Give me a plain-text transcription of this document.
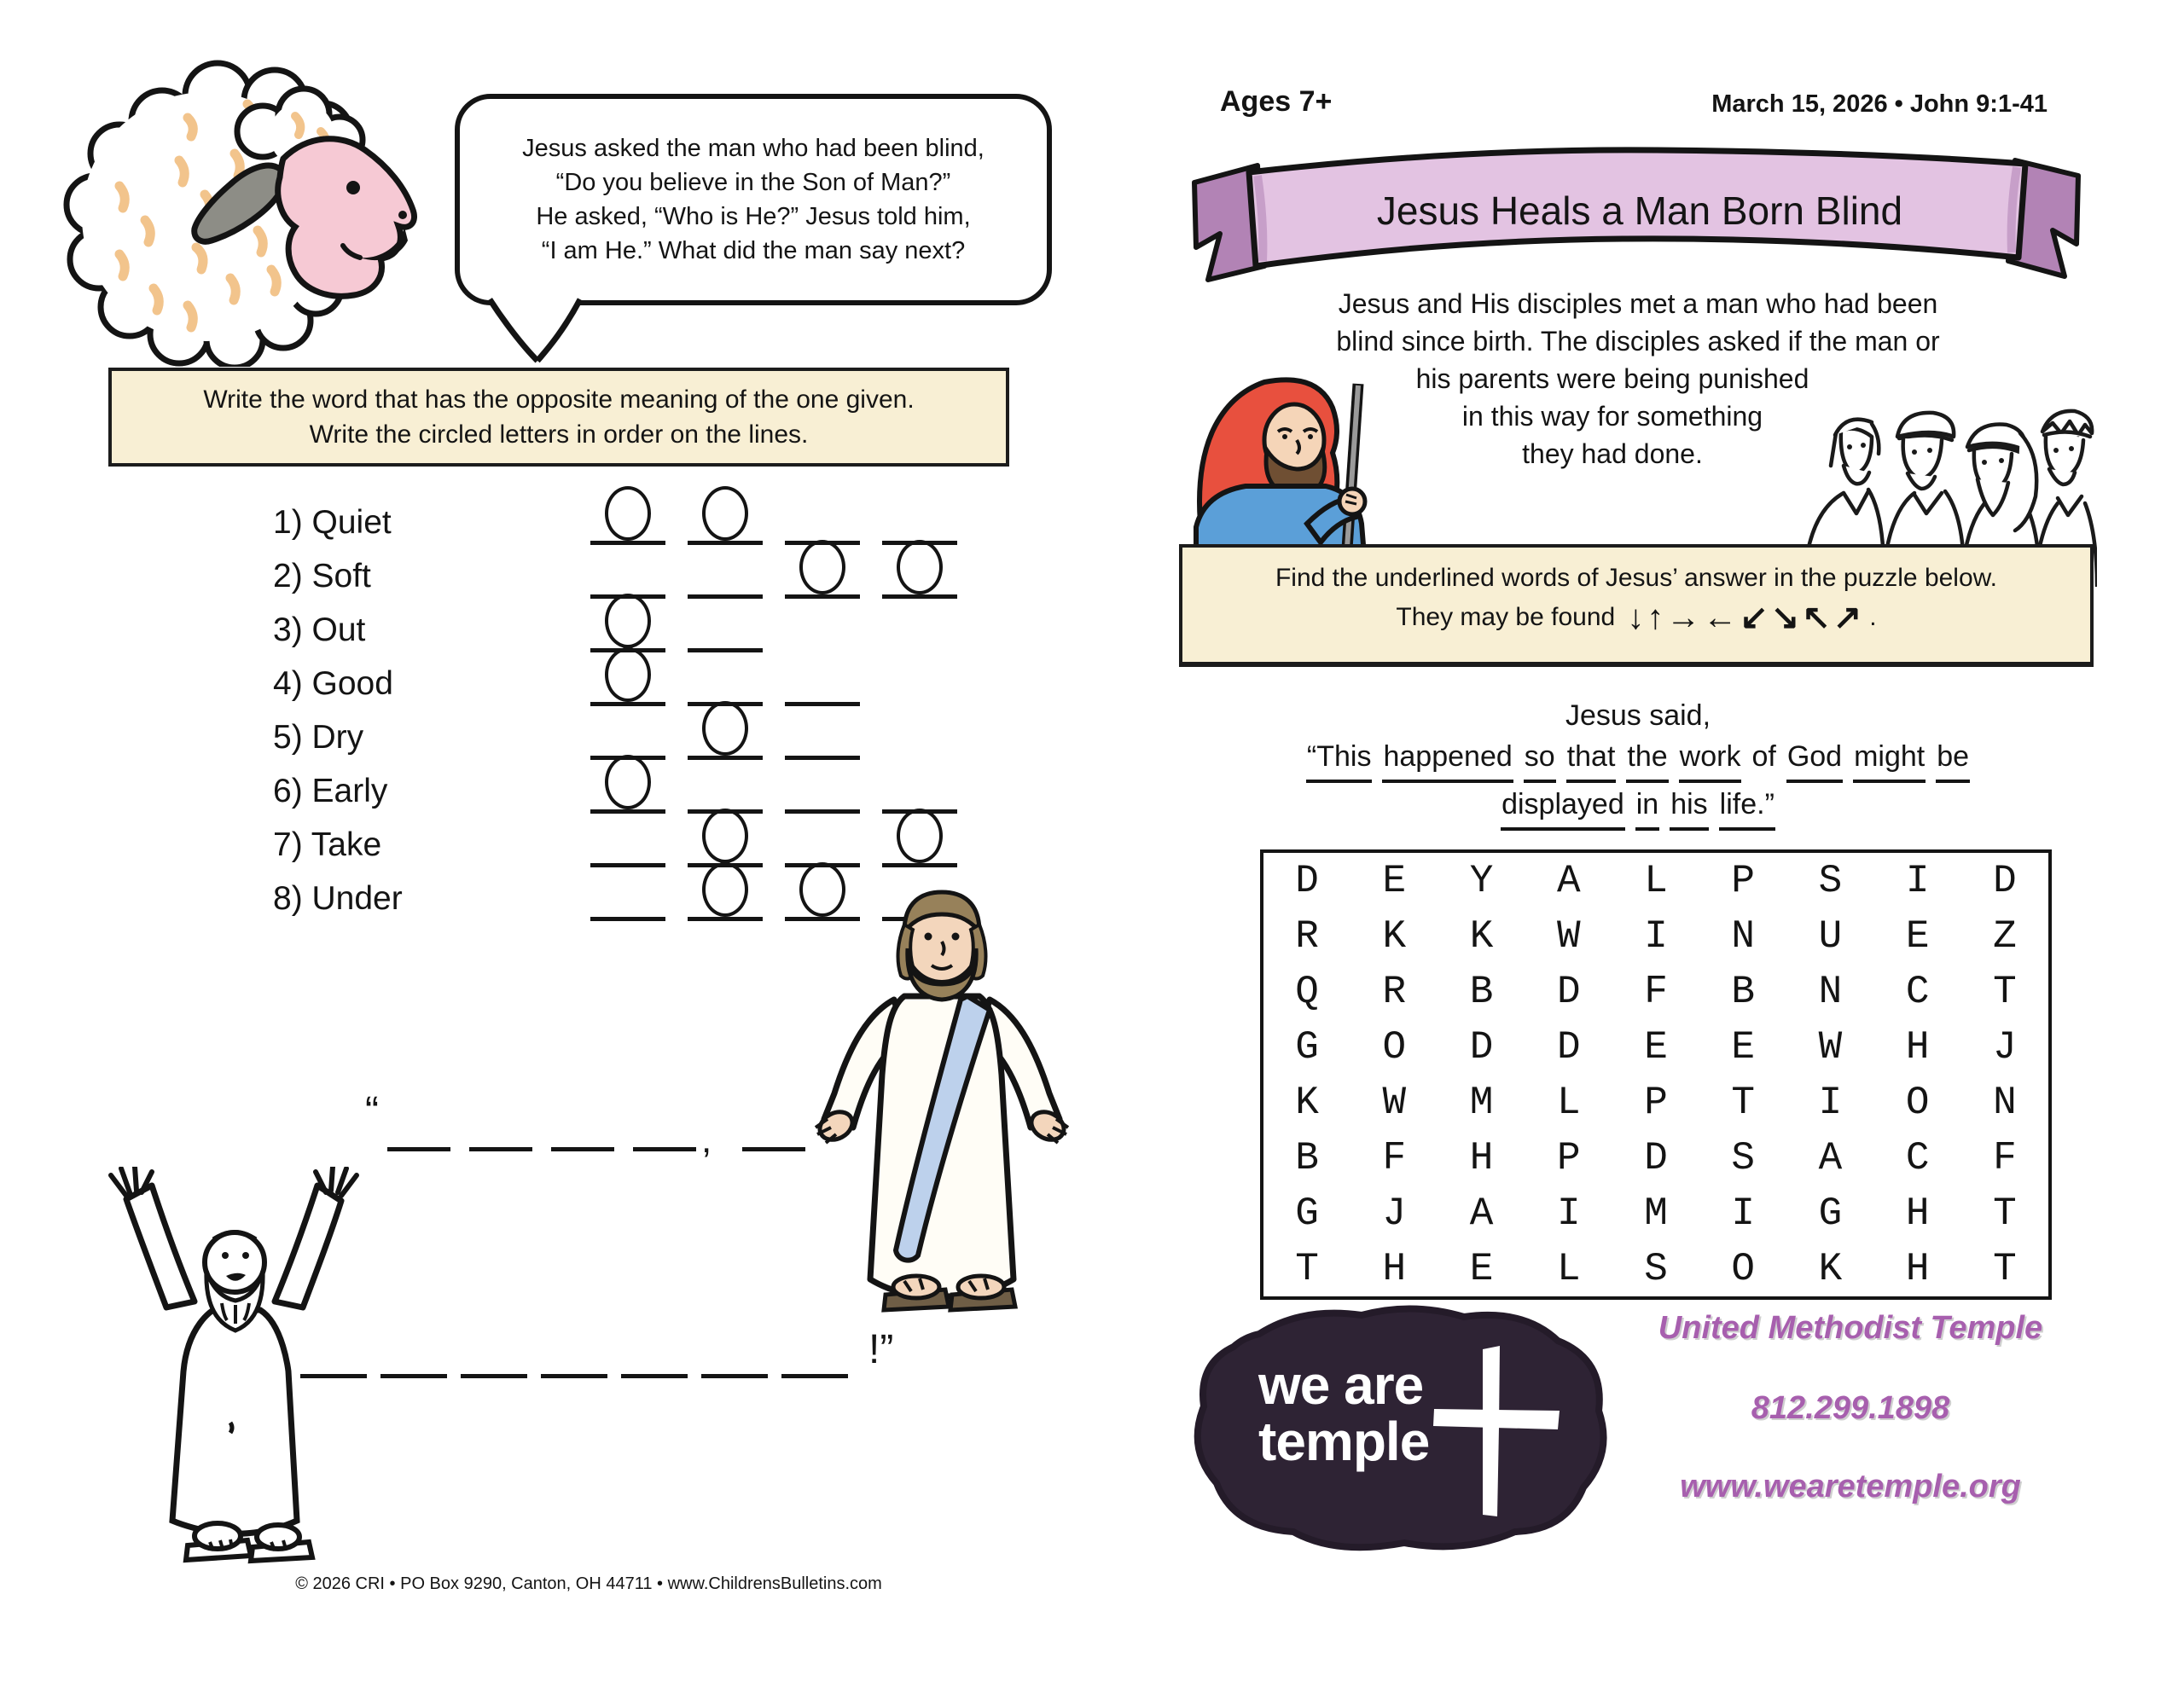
Jesus asked the man who had been blind,
“Do you believe in the Son of Man?”
He asked, “Who is He?” Jesus told him,
“I am He.” What did the man say next?
Write the word that has the opposite meaning of the one given.
Write the circled letters in order on the lines.
1) Quiet
2) Soft
3) Out
4) Good
5) Dry
6) Early
7) Take
8) Under
“
,
!”
© 2026 CRI • PO Box 9290, Canton, OH 44711 • www.ChildrensBulletins.com
Ages 7+	March 15, 2026 • John 9:1-41
Jesus Heals a Man Born Blind
Jesus and His disciples met a man who had been
blind since birth. The disciples asked if the man or
his parents were being punished
in this way for something
they had done.
Find the underlined words of Jesus’ answer in the puzzle below.
They may be found ↓↑→←↙↘↖↗ .
Jesus said,
“This happened so that the work of God might be
displayed in his life.”
D	E	Y	A	L	P	S	I	D
R	K	K	W	I	N	U	E	Z
Q	R	B	D	F	B	N	C	T
G	O	D	D	E	E	W	H	J
K	W	M	L	P	T	I	O	N
B	F	H	P	D	S	A	C	F
G	J	A	I	M	I	G	H	T
T	H	E	L	S	O	K	H	T
we are
temple
United Methodist Temple
812.299.1898
www.wearetemple.org
